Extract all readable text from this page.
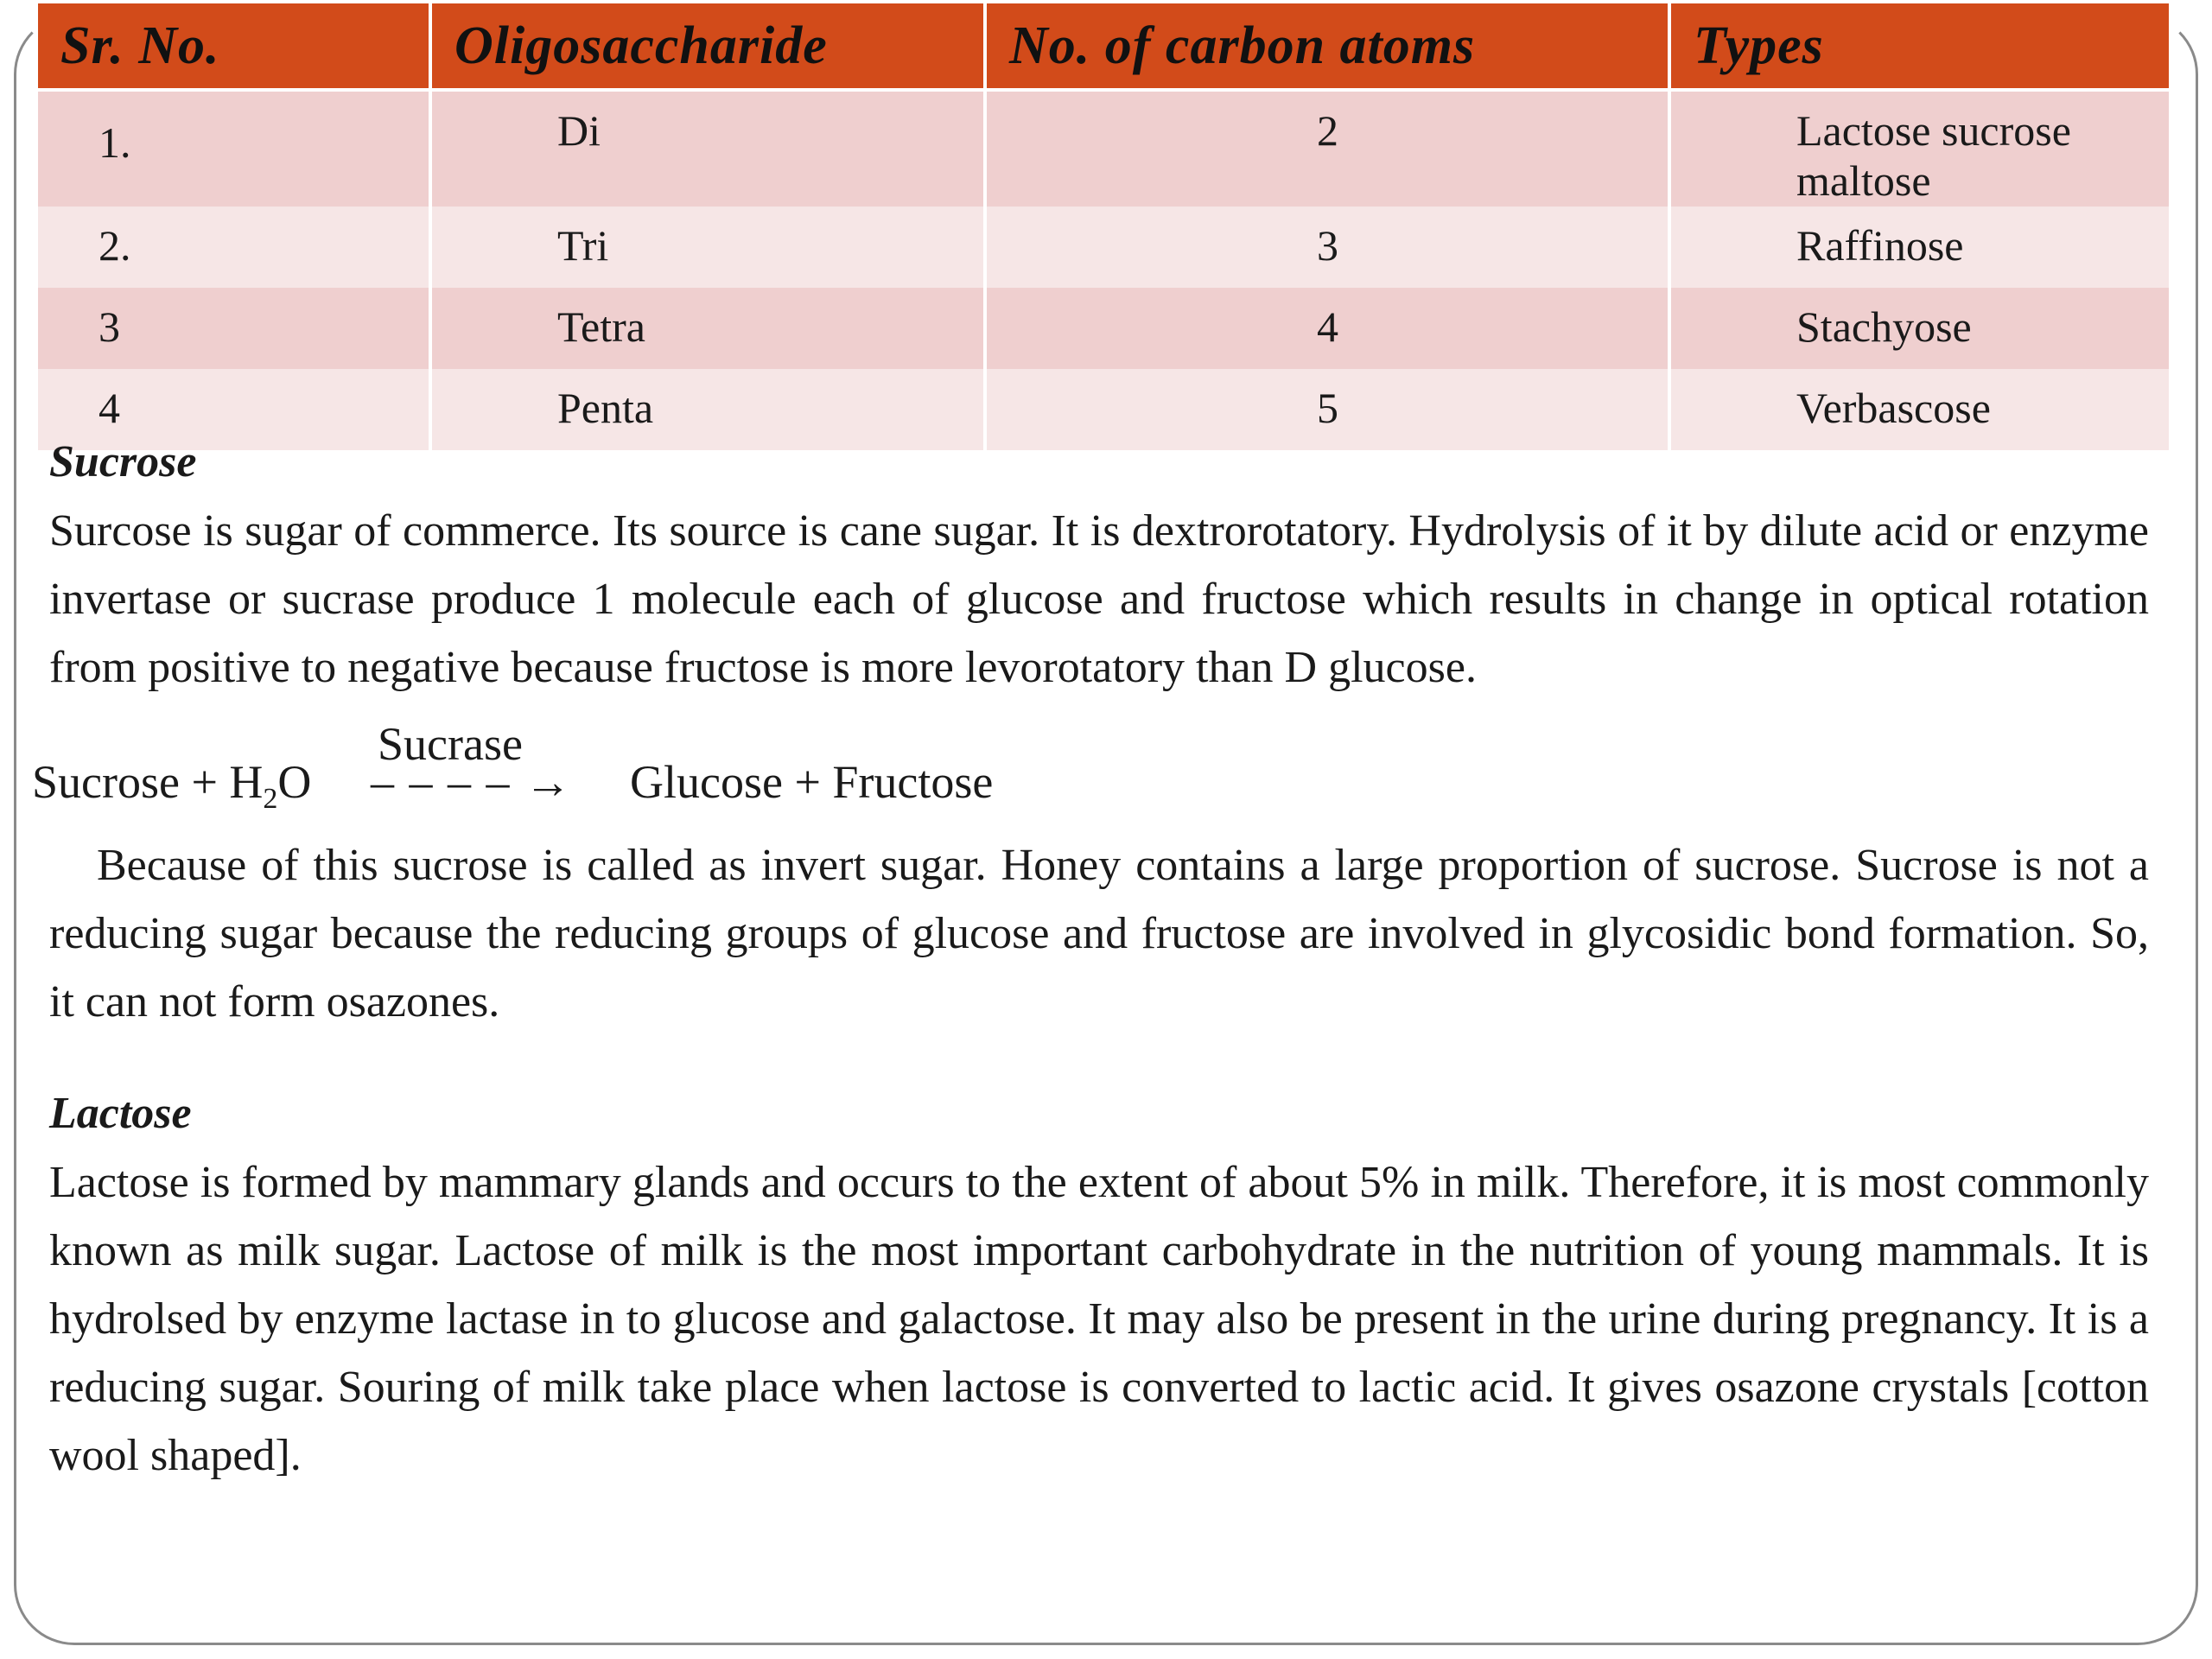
Sr. No.	Oligosaccharide	No. of carbon atoms	Types
1.	Di	2	Lactose sucrose maltose
2.	Tri	3	Raffinose
3	Tetra	4	Stachyose
4	Penta	5	Verbascose
Sucrose

Surcose is sugar of commerce. Its source is cane sugar. It is dextrorotatory. Hydrolysis of it by dilute acid or enzyme invertase or sucrase produce 1 molecule each of glucose and fructose which results in change in optical rotation from positive to negative because fructose is more levorotatory than D glucose.

Sucrose + $H_2O$
Sucrase
– – – – → Glucose + Fructose

Because of this sucrose is called as invert sugar. Honey contains a large proportion of sucrose. Sucrose is not a reducing sugar because the reducing groups of glucose and fructose are involved in glycosidic bond formation. So, it can not form osazones.

Lactose

Lactose is formed by mammary glands and occurs to the extent of about 5% in milk. Therefore, it is most commonly known as milk sugar. Lactose of milk is the most important carbohydrate in the nutrition of young mammals. It is hydrolsed by enzyme lactase in to glucose and galactose. It may also be present in the urine during pregnancy. It is a reducing sugar. Souring of milk take place when lactose is converted to lactic acid. It gives osazone crystals [cotton wool shaped].
